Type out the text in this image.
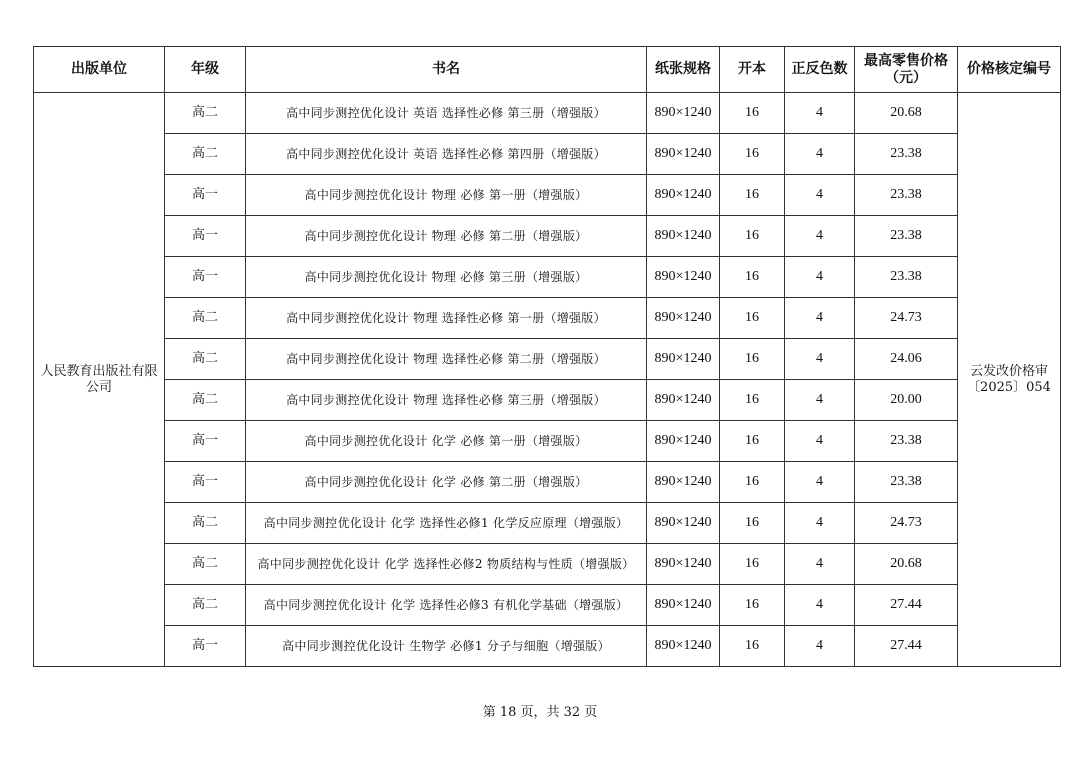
出版单位	年级	书名	纸张规格	开本	正反色数	最高零售价格（元）	价格核定编号
人民教育出版社有限公司	高二	高中同步测控优化设计 英语 选择性必修 第三册（增强版）	890×1240	16	4	20.68	云发改价格审〔2025〕054
	高二	高中同步测控优化设计 英语 选择性必修 第四册（增强版）	890×1240	16	4	23.38	
	高一	高中同步测控优化设计 物理 必修 第一册（增强版）	890×1240	16	4	23.38	
	高一	高中同步测控优化设计 物理 必修 第二册（增强版）	890×1240	16	4	23.38	
	高一	高中同步测控优化设计 物理 必修 第三册（增强版）	890×1240	16	4	23.38	
	高二	高中同步测控优化设计 物理 选择性必修 第一册（增强版）	890×1240	16	4	24.73	
	高二	高中同步测控优化设计 物理 选择性必修 第二册（增强版）	890×1240	16	4	24.06	
	高二	高中同步测控优化设计 物理 选择性必修 第三册（增强版）	890×1240	16	4	20.00	
	高一	高中同步测控优化设计 化学 必修 第一册（增强版）	890×1240	16	4	23.38	
	高一	高中同步测控优化设计 化学 必修 第二册（增强版）	890×1240	16	4	23.38	
	高二	高中同步测控优化设计 化学 选择性必修1 化学反应原理（增强版）	890×1240	16	4	24.73	
	高二	高中同步测控优化设计 化学 选择性必修2 物质结构与性质（增强版）	890×1240	16	4	20.68	
	高二	高中同步测控优化设计 化学 选择性必修3 有机化学基础（增强版）	890×1240	16	4	27.44	
	高一	高中同步测控优化设计 生物学 必修1 分子与细胞（增强版）	890×1240	16	4	27.44	
第 18 页，共 32 页
